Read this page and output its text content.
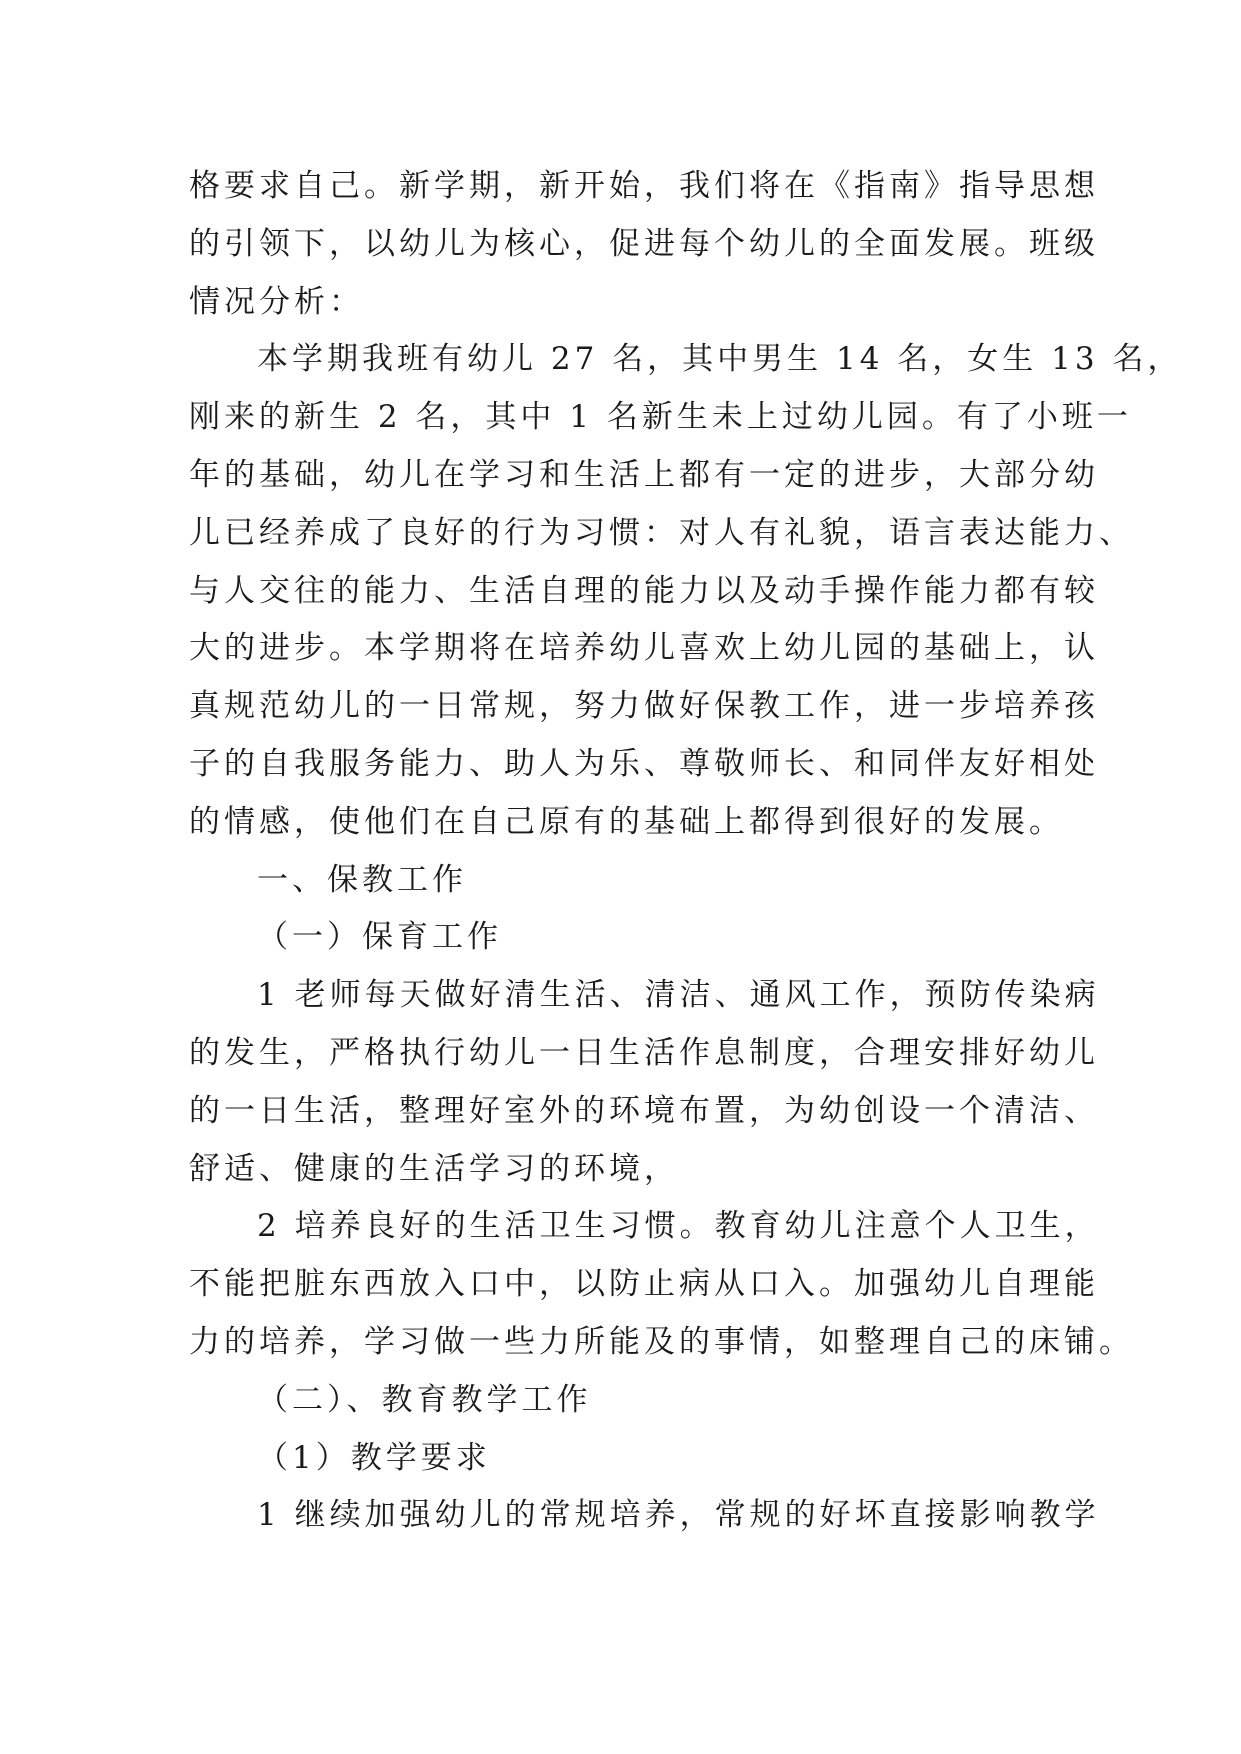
格要求自己。新学期，新开始，我们将在《指南》指导思想
的引领下，以幼儿为核心，促进每个幼儿的全面发展。班级
情况分析：
本学期我班有幼儿 27 名，其中男生 14 名，女生 13 名，
刚来的新生 2 名，其中 1 名新生未上过幼儿园。有了小班一
年的基础，幼儿在学习和生活上都有一定的进步，大部分幼
儿已经养成了良好的行为习惯：对人有礼貌，语言表达能力、
与人交往的能力、生活自理的能力以及动手操作能力都有较
大的进步。本学期将在培养幼儿喜欢上幼儿园的基础上，认
真规范幼儿的一日常规，努力做好保教工作，进一步培养孩
子的自我服务能力、助人为乐、尊敬师长、和同伴友好相处
的情感，使他们在自己原有的基础上都得到很好的发展。
一、保教工作
（一）保育工作
1 老师每天做好清生活、清洁、通风工作，预防传染病
的发生，严格执行幼儿一日生活作息制度，合理安排好幼儿
的一日生活，整理好室外的环境布置，为幼创设一个清洁、
舒适、健康的生活学习的环境，
2 培养良好的生活卫生习惯。教育幼儿注意个人卫生，
不能把脏东西放入口中，以防止病从口入。加强幼儿自理能
力的培养，学习做一些力所能及的事情，如整理自己的床铺。
（二）、教育教学工作
（1）教学要求
1 继续加强幼儿的常规培养，常规的好坏直接影响教学
